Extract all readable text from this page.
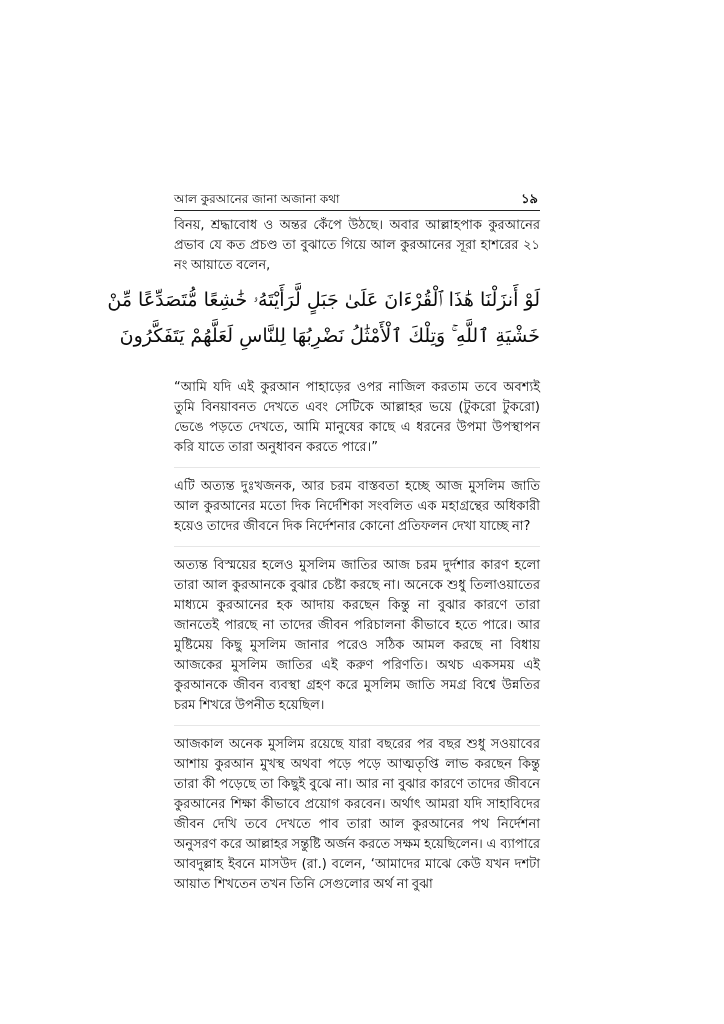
আল কুরআনের জানা অজানা কথা	১৯

বিনয়, শ্রদ্ধাবোধ ও অন্তর কেঁপে উঠছে। অবার আল্লাহপাক কুরআনের প্রভাব যে কত প্রচণ্ড তা বুঝাতে গিয়ে আল কুরআনের সূরা হাশরের ২১ নং আয়াতে বলেন,

لَوْ أَنزَلْنَا هَٰذَا ٱلْقُرْءَانَ عَلَىٰ جَبَلٍ لَّرَأَيْتَهُۥ خَٰشِعًا مُّتَصَدِّعًا مِّنْ
خَشْيَةِ ٱللَّهِ ۚ وَتِلْكَ ٱلْأَمْثَٰلُ نَضْرِبُهَا لِلنَّاسِ لَعَلَّهُمْ يَتَفَكَّرُونَ

“আমি যদি এই কুরআন পাহাড়ের ওপর নাজিল করতাম তবে অবশ্যই তুমি বিনয়াবনত দেখতে এবং সেটিকে আল্লাহর ভয়ে (টুকরো টুকরো) ভেঙে পড়তে দেখতে, আমি মানুষের কাছে এ ধরনের উপমা উপস্থাপন করি যাতে তারা অনুধাবন করতে পারে।”

এটি অত্যন্ত দুঃখজনক, আর চরম বাস্তবতা হচ্ছে আজ মুসলিম জাতি আল কুরআনের মতো দিক নির্দেশিকা সংবলিত এক মহাগ্রন্থের অধিকারী হয়েও তাদের জীবনে দিক নির্দেশনার কোনো প্রতিফলন দেখা যাচ্ছে না?

অত্যন্ত বিস্ময়ের হলেও মুসলিম জাতির আজ চরম দুর্দশার কারণ হলো তারা আল কুরআনকে বুঝার চেষ্টা করছে না। অনেকে শুধু তিলাওয়াতের মাধ্যমে কুরআনের হক আদায় করছেন কিন্তু না বুঝার কারণে তারা জানতেই পারছে না তাদের জীবন পরিচালনা কীভাবে হতে পারে। আর মুষ্টিমেয় কিছু মুসলিম জানার পরেও সঠিক আমল করছে না বিধায় আজকের মুসলিম জাতির এই করুণ পরিণতি। অথচ একসময় এই কুরআনকে জীবন ব্যবস্থা গ্রহণ করে মুসলিম জাতি সমগ্র বিশ্বে উন্নতির চরম শিখরে উপনীত হয়েছিল।

আজকাল অনেক মুসলিম রয়েছে যারা বছরের পর বছর শুধু সওয়াবের আশায় কুরআন মুখস্থ অথবা পড়ে পড়ে আত্মতৃপ্তি লাভ করছেন কিন্তু তারা কী পড়েছে তা কিছুই বুঝে না। আর না বুঝার কারণে তাদের জীবনে কুরআনের শিক্ষা কীভাবে প্রয়োগ করবেন। অর্থাৎ আমরা যদি সাহাবিদের জীবন দেখি তবে দেখতে পাব তারা আল কুরআনের পথ নির্দেশনা অনুসরণ করে আল্লাহর সন্তুষ্টি অর্জন করতে সক্ষম হয়েছিলেন। এ ব্যাপারে আবদুল্লাহ ইবনে মাসউদ (রা.) বলেন, ‘আমাদের মাঝে কেউ যখন দশটা আয়াত শিখতেন তখন তিনি সেগুলোর অর্থ না বুঝা
